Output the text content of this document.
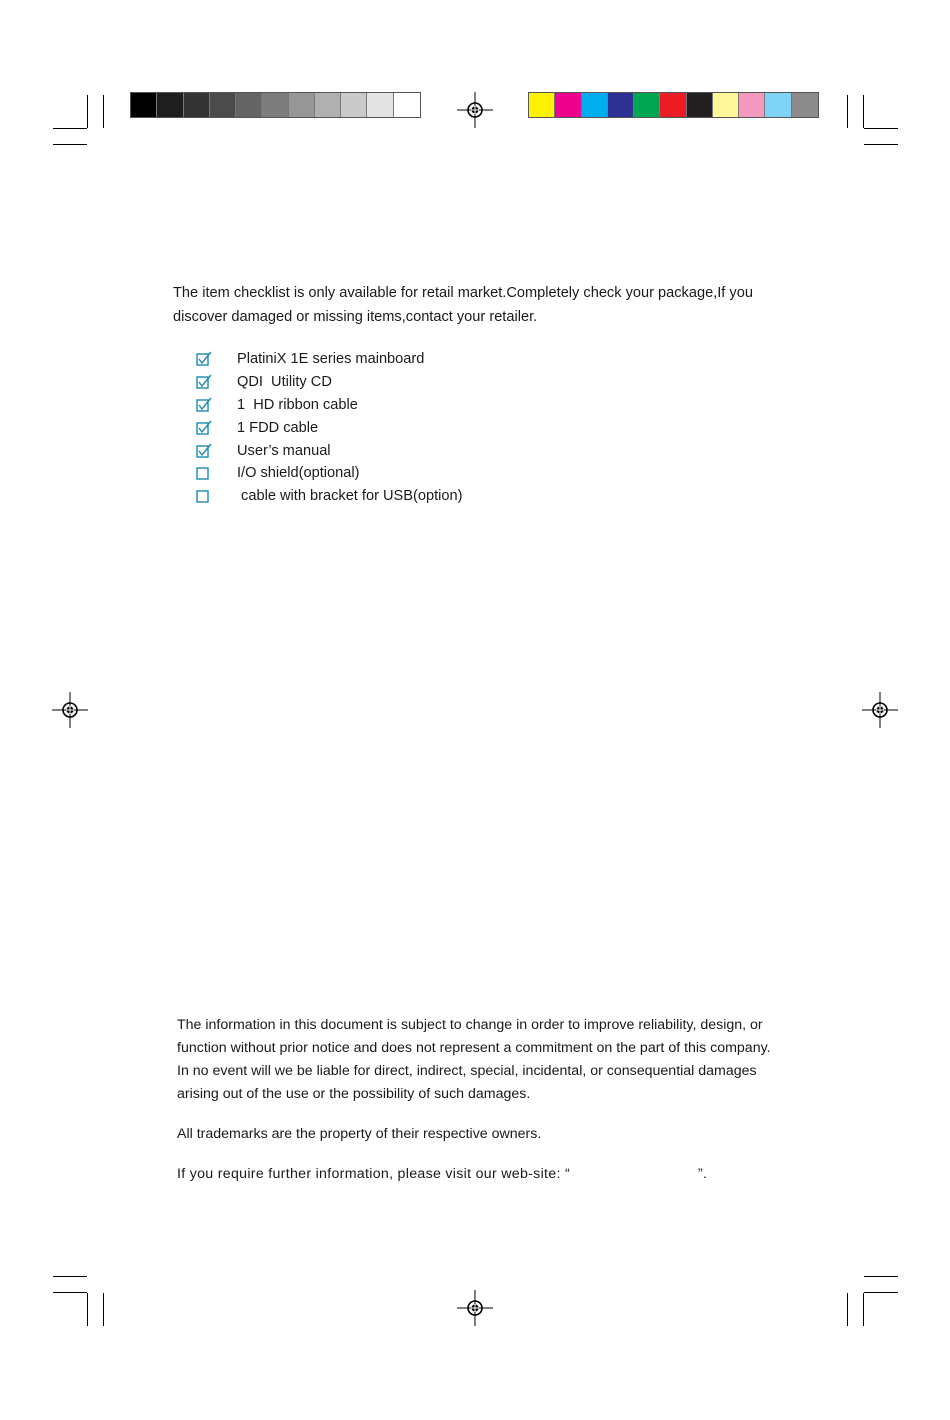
The item checklist is only available for retail market.Completely check your package,If you
discover damaged or missing items,contact your retailer.
PlatiniX 1E series mainboard
QDI  Utility CD
1  HD ribbon cable
1 FDD cable
User’s manual
I/O shield(optional)
cable with bracket for USB(option)

The information in this document is subject to change in order to improve reliability, design, or

function without prior notice and does not represent a commitment on the part of this company.

In no event will we be liable for direct, indirect, special, incidental, or consequential damages

arising out of the use or the possibility of such damages.

All trademarks are the property of their respective owners.

If you require further information, please visit our web-site: “	”.
